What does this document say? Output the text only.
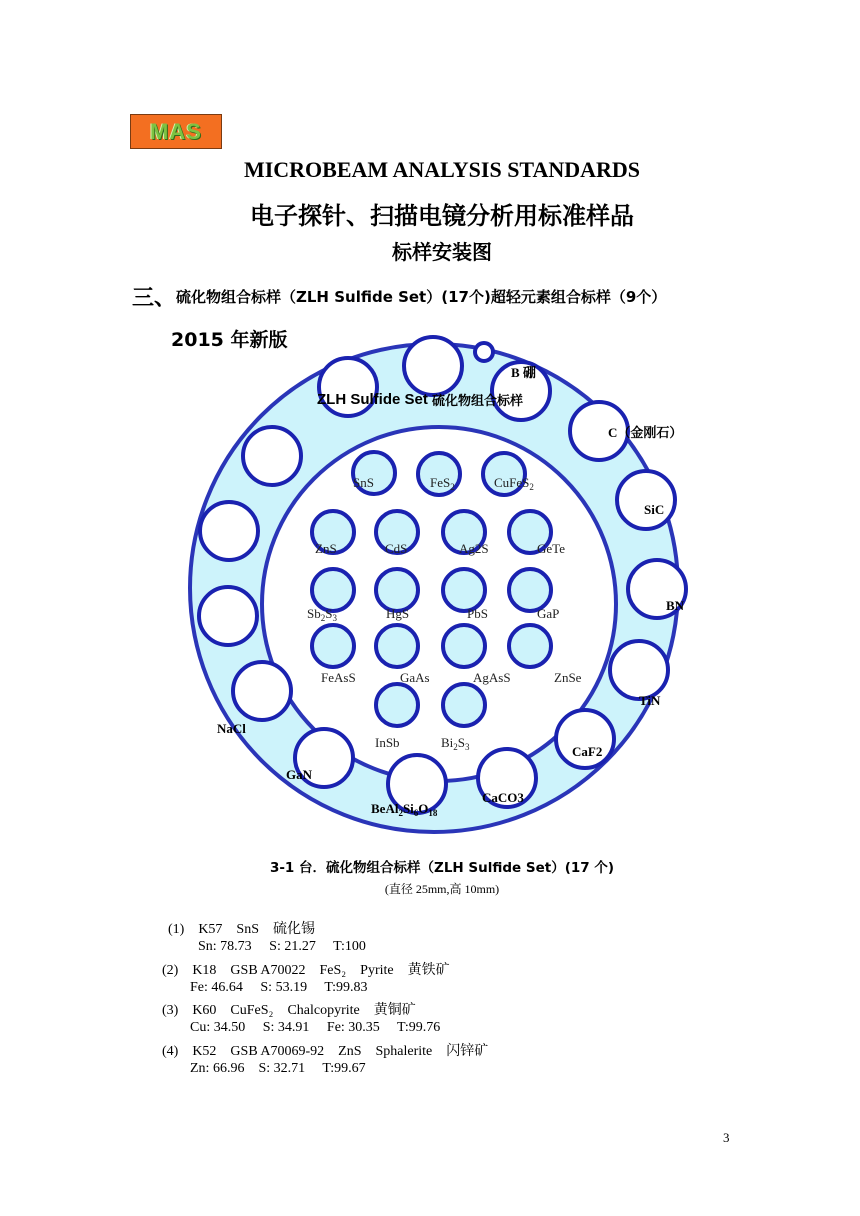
MAS
MICROBEAM ANALYSIS STANDARDS
电子探针、扫描电镜分析用标准样品
标样安装图
三、 硫化物组合标样（ZLH Sulfide Set）(17个)超轻元素组合标样（9个）
2015 年新版
ZLH Sulfide Set 硫化物组合标样
B 硼
C（金刚石）
SiC
BN
TiN
CaF2
CaCO3
$BeAl_2Si_6O_{18}$
GaN
NaCl
SnS	FeS$_2$	CuFeS$_2$
ZnS	CdS	Ag2S	GeTe
$Sb_2S_3$	HgS	PbS	GaP
FeAsS	GaAs	AgAsS	ZnSe
InSb	$Bi_2S_3$
3-1 台．硫化物组合标样（ZLH Sulfide Set）(17 个)
(直径 25mm,高 10mm)
(1)    K57    SnS    硫化锡
Sn: 78.73     S: 21.27     T:100
(2)    K18    GSB A70022    FeS₂    Pyrite    黄铁矿
Fe: 46.64     S: 53.19     T:99.83
(3)    K60    CuFeS₂    Chalcopyrite    黄铜矿
Cu: 34.50     S: 34.91     Fe: 30.35     T:99.76
(4)    K52    GSB A70069-92    ZnS    Sphalerite    闪锌矿
Zn: 66.96    S: 32.71     T:99.67
3
